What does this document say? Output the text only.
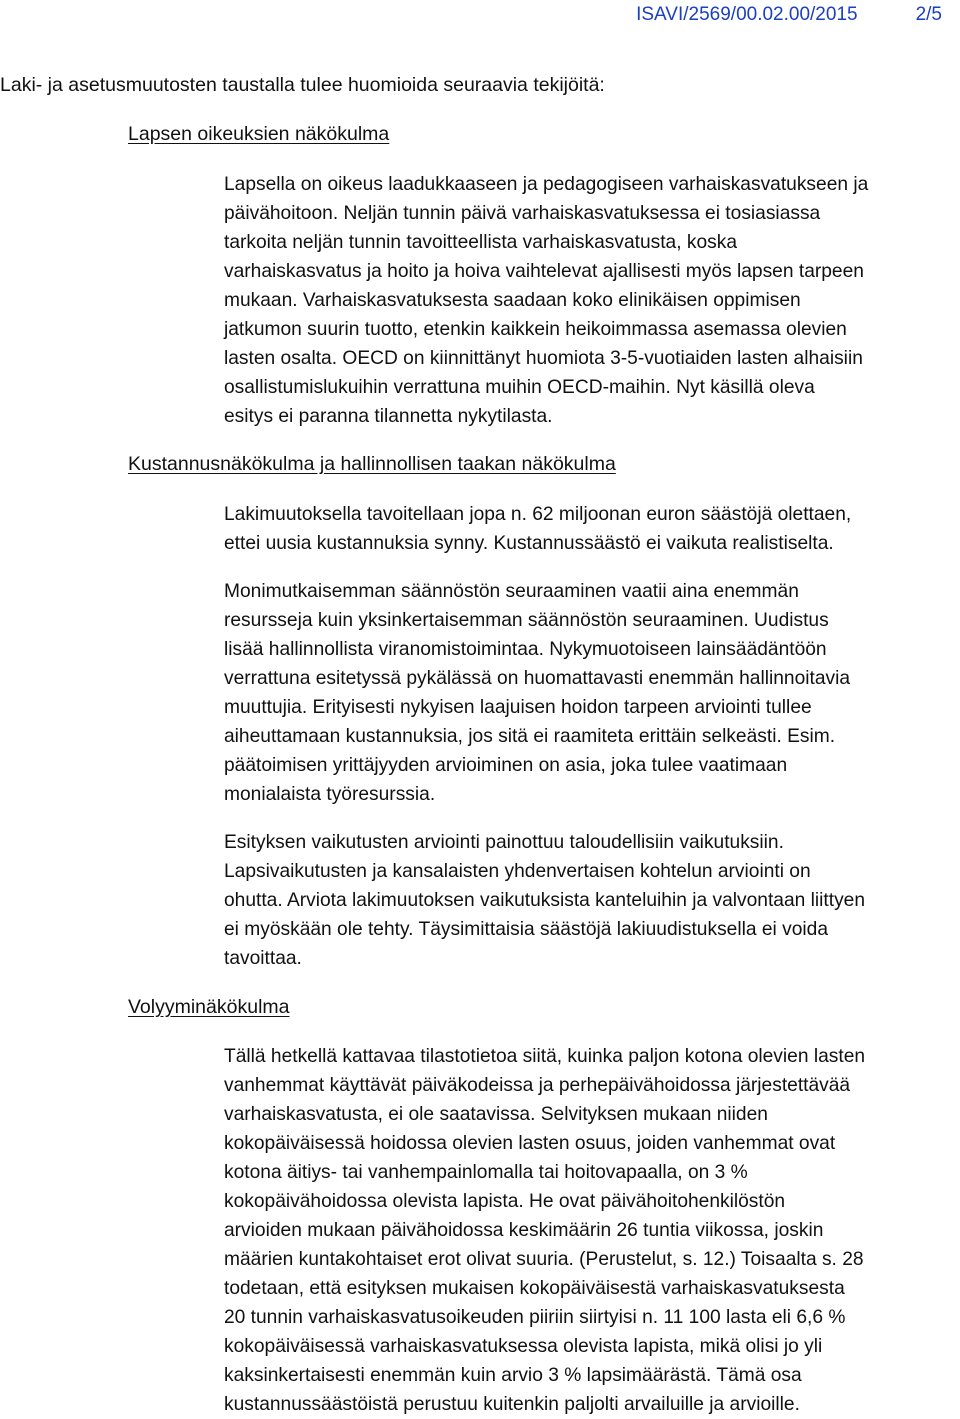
ISAVI/2569/00.02.00/2015	2/5
Laki- ja asetusmuutosten taustalla tulee huomioida seuraavia tekijöitä:
Lapsen oikeuksien näkökulma
Lapsella on oikeus laadukkaaseen ja pedagogiseen varhaiskasvatukseen ja
päivähoitoon. Neljän tunnin päivä varhaiskasvatuksessa ei tosiasiassa
tarkoita neljän tunnin tavoitteellista varhaiskasvatusta, koska
varhaiskasvatus ja hoito ja hoiva vaihtelevat ajallisesti myös lapsen tarpeen
mukaan. Varhaiskasvatuksesta saadaan koko elinikäisen oppimisen
jatkumon suurin tuotto, etenkin kaikkein heikoimmassa asemassa olevien
lasten osalta. OECD on kiinnittänyt huomiota 3-5-vuotiaiden lasten alhaisiin
osallistumislukuihin verrattuna muihin OECD-maihin. Nyt käsillä oleva
esitys ei paranna tilannetta nykytilasta.
Kustannusnäkökulma ja hallinnollisen taakan näkökulma
Lakimuutoksella tavoitellaan jopa n. 62 miljoonan euron säästöjä olettaen,
ettei uusia kustannuksia synny. Kustannussäästö ei vaikuta realistiselta.
Monimutkaisemman säännöstön seuraaminen vaatii aina enemmän
resursseja kuin yksinkertaisemman säännöstön seuraaminen. Uudistus
lisää hallinnollista viranomistoimintaa. Nykymuotoiseen lainsäädäntöön
verrattuna esitetyssä pykälässä on huomattavasti enemmän hallinnoitavia
muuttujia. Erityisesti nykyisen laajuisen hoidon tarpeen arviointi tullee
aiheuttamaan kustannuksia, jos sitä ei raamiteta erittäin selkeästi. Esim.
päätoimisen yrittäjyyden arvioiminen on asia, joka tulee vaatimaan
monialaista työresurssia.
Esityksen vaikutusten arviointi painottuu taloudellisiin vaikutuksiin.
Lapsivaikutusten ja kansalaisten yhdenvertaisen kohtelun arviointi on
ohutta. Arviota lakimuutoksen vaikutuksista kanteluihin ja valvontaan liittyen
ei myöskään ole tehty. Täysimittaisia säästöjä lakiuudistuksella ei voida
tavoittaa.
Volyyminäkökulma
Tällä hetkellä kattavaa tilastotietoa siitä, kuinka paljon kotona olevien lasten
vanhemmat käyttävät päiväkodeissa ja perhepäivähoidossa järjestettävää
varhaiskasvatusta, ei ole saatavissa. Selvityksen mukaan niiden
kokopäiväisessä hoidossa olevien lasten osuus, joiden vanhemmat ovat
kotona äitiys- tai vanhempainlomalla tai hoitovapaalla, on 3 %
kokopäivähoidossa olevista lapista. He ovat päivähoitohenkilöstön
arvioiden mukaan päivähoidossa keskimäärin 26 tuntia viikossa, joskin
määrien kuntakohtaiset erot olivat suuria. (Perustelut, s. 12.) Toisaalta s. 28
todetaan, että esityksen mukaisen kokopäiväisestä varhaiskasvatuksesta
20 tunnin varhaiskasvatusoikeuden piiriin siirtyisi n. 11 100 lasta eli 6,6 %
kokopäiväisessä varhaiskasvatuksessa olevista lapista, mikä olisi jo yli
kaksinkertaisesti enemmän kuin arvio 3 % lapsimäärästä. Tämä osa
kustannussäästöistä perustuu kuitenkin paljolti arvailuille ja arvioille.
